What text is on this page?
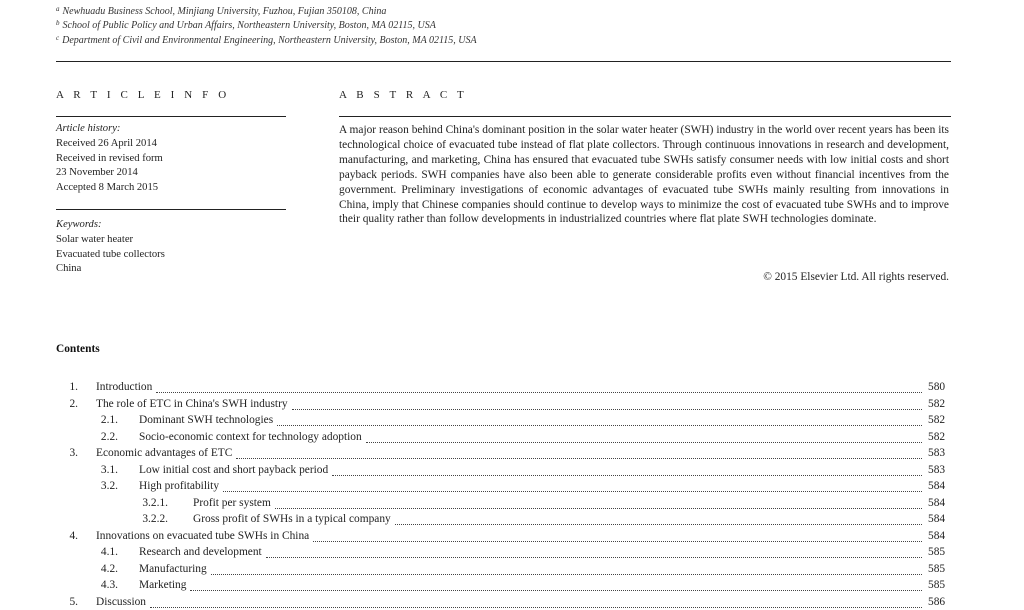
$^a$ Newhuadu Business School, Minjiang University, Fuzhou, Fujian 350108, China
$^b$ School of Public Policy and Urban Affairs, Northeastern University, Boston, MA 02115, USA
$^c$ Department of Civil and Environmental Engineering, Northeastern University, Boston, MA 02115, USA
A R T I C L E I N F O	A B S T R A C T
Article history:
Received 26 April 2014
Received in revised form
23 November 2014
Accepted 8 March 2015
Keywords:
Solar water heater
Evacuated tube collectors
China
A major reason behind China's dominant position in the solar water heater (SWH) industry in the world over recent years has been its technological choice of evacuated tube instead of flat plate collectors. Through continuous innovations in research and development, manufacturing, and marketing, China has ensured that evacuated tube SWHs satisfy consumer needs with low initial costs and short payback periods. SWH companies have also been able to generate considerable profits even without financial incentives from the government. Preliminary investigations of economic advantages of evacuated tube SWHs mainly resulting from innovations in China, imply that Chinese companies should continue to develop ways to minimize the cost of evacuated tube SWHs and to improve their quality rather than follow developments in industrialized countries where flat plate SWH technologies dominate.
© 2015 Elsevier Ltd. All rights reserved.
Contents
1. Introduction	580
2. The role of ETC in China's SWH industry	582
2.1. Dominant SWH technologies	582
2.2. Socio-economic context for technology adoption	582
3. Economic advantages of ETC	583
3.1. Low initial cost and short payback period	583
3.2. High profitability	584
3.2.1. Profit per system	584
3.2.2. Gross profit of SWHs in a typical company	584
4. Innovations on evacuated tube SWHs in China	584
4.1. Research and development	585
4.2. Manufacturing	585
4.3. Marketing	585
5. Discussion	586
